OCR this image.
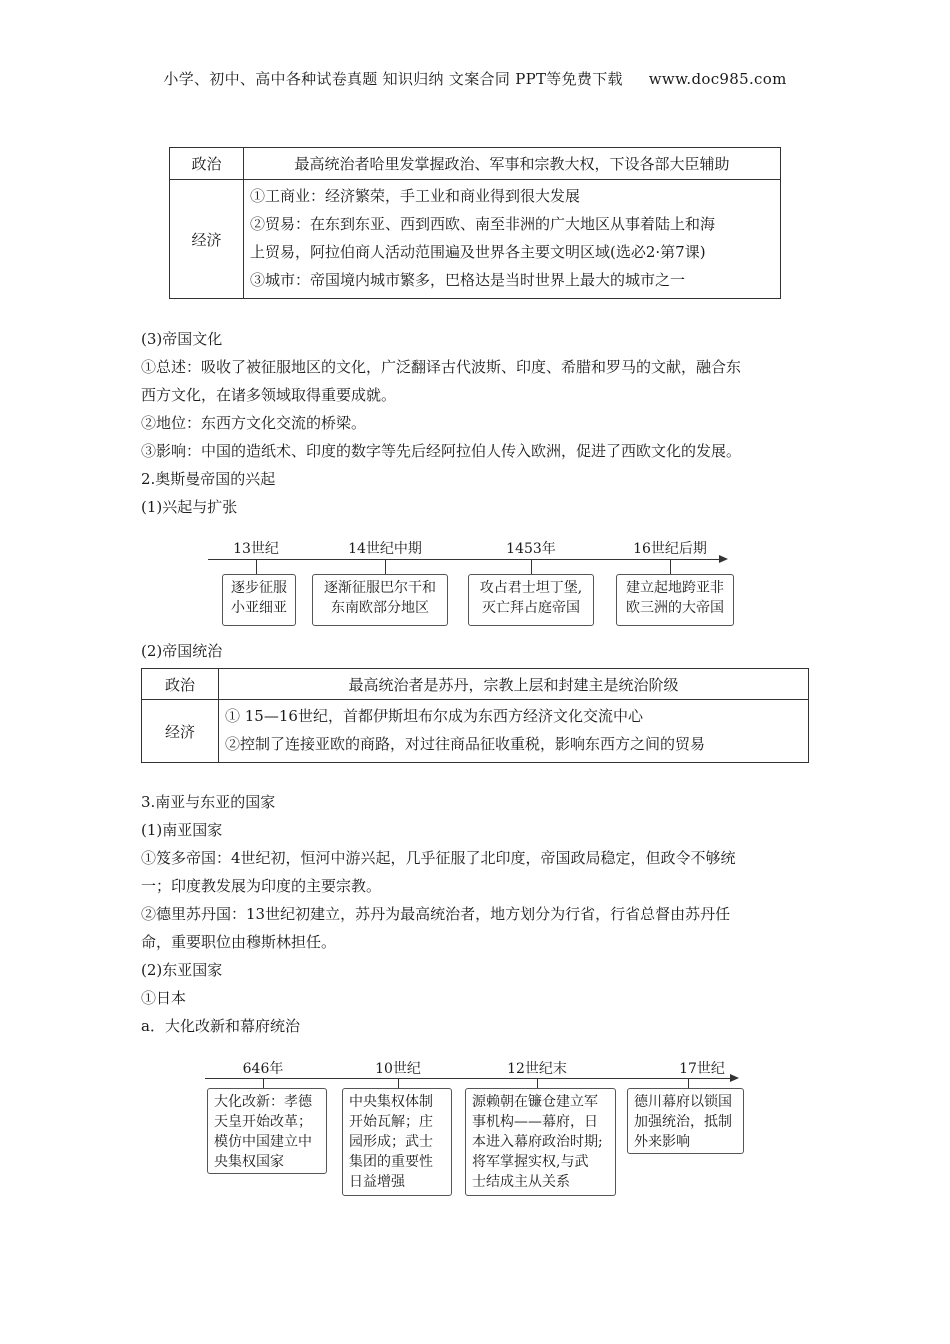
小学、初中、高中各种试卷真题 知识归纳 文案合同 PPT等免费下载 www.doc985.com
政治	最高统治者哈里发掌握政治、军事和宗教大权，下设各部大臣辅助
经济	①工商业：经济繁荣，手工业和商业得到很大发展
②贸易：在东到东亚、西到西欧、南至非洲的广大地区从事着陆上和海
上贸易，阿拉伯商人活动范围遍及世界各主要文明区域(选必2·第7课)
③城市：帝国境内城市繁多，巴格达是当时世界上最大的城市之一

(3)帝国文化

①总述：吸收了被征服地区的文化，广泛翻译古代波斯、印度、希腊和罗马的文献，融合东

西方文化，在诸多领域取得重要成就。

②地位：东西方文化交流的桥梁。

③影响：中国的造纸术、印度的数字等先后经阿拉伯人传入欧洲，促进了西欧文化的发展。

2.奥斯曼帝国的兴起

(1)兴起与扩张

13世纪
逐步征服
小亚细亚
14世纪中期
逐渐征服巴尔干和
东南欧部分地区
1453年
攻占君士坦丁堡,
灭亡拜占庭帝国
16世纪后期
建立起地跨亚非
欧三洲的大帝国

(2)帝国统治

政治	最高统治者是苏丹，宗教上层和封建主是统治阶级
经济	① 15—16世纪，首都伊斯坦布尔成为东西方经济文化交流中心
②控制了连接亚欧的商路，对过往商品征收重税，影响东西方之间的贸易

3.南亚与东亚的国家

(1)南亚国家

①笈多帝国：4世纪初，恒河中游兴起，几乎征服了北印度，帝国政局稳定，但政令不够统

一；印度教发展为印度的主要宗教。

②德里苏丹国：13世纪初建立，苏丹为最高统治者，地方划分为行省，行省总督由苏丹任

命，重要职位由穆斯林担任。

(2)东亚国家

①日本

a．大化改新和幕府统治

646年
大化改新：孝德
天皇开始改革；
模仿中国建立中
央集权国家
10世纪
中央集权体制
开始瓦解；庄
园形成；武士
集团的重要性
日益增强
12世纪末
源赖朝在镰仓建立军
事机构——幕府，日
本进入幕府政治时期;
将军掌握实权,与武
士结成主从关系
17世纪
德川幕府以锁国
加强统治，抵制
外来影响
